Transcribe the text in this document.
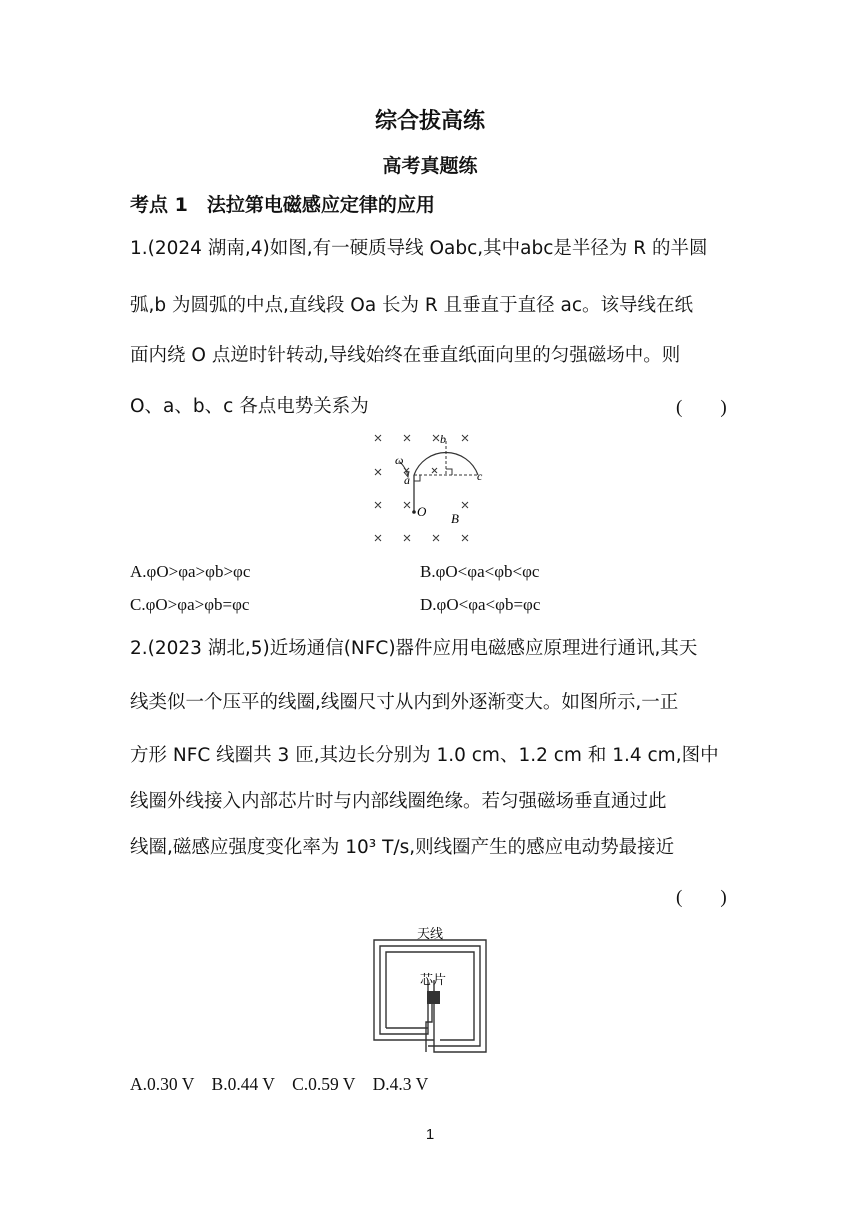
综合拔高练
高考真题练
考点 1　法拉第电磁感应定律的应用
1.(2024 湖南,4)如图,有一硬质导线 Oabc,其中abc是半径为 R 的半圆
弧,b 为圆弧的中点,直线段 Oa 长为 R 且垂直于直径 ac。该导线在纸
面内绕 O 点逆时针转动,导线始终在垂直纸面向里的匀强磁场中。则
O、a、b、c 各点电势关系为	(　　)
b
a	c
O B
ω
A.φO>φa>φb>φc	B.φO<φa<φb<φc
C.φO>φa>φb=φc	D.φO<φa<φb=φc
2.(2023 湖北,5)近场通信(NFC)器件应用电磁感应原理进行通讯,其天
线类似一个压平的线圈,线圈尺寸从内到外逐渐变大。如图所示,一正
方形 NFC 线圈共 3 匝,其边长分别为 1.0 cm、1.2 cm 和 1.4 cm,图中
线圈外线接入内部芯片时与内部线圈绝缘。若匀强磁场垂直通过此
线圈,磁感应强度变化率为 10³ T/s,则线圈产生的感应电动势最接近
(　　)
天线
芯片
A.0.30 V　B.0.44 V　C.0.59 V　D.4.3 V
1
